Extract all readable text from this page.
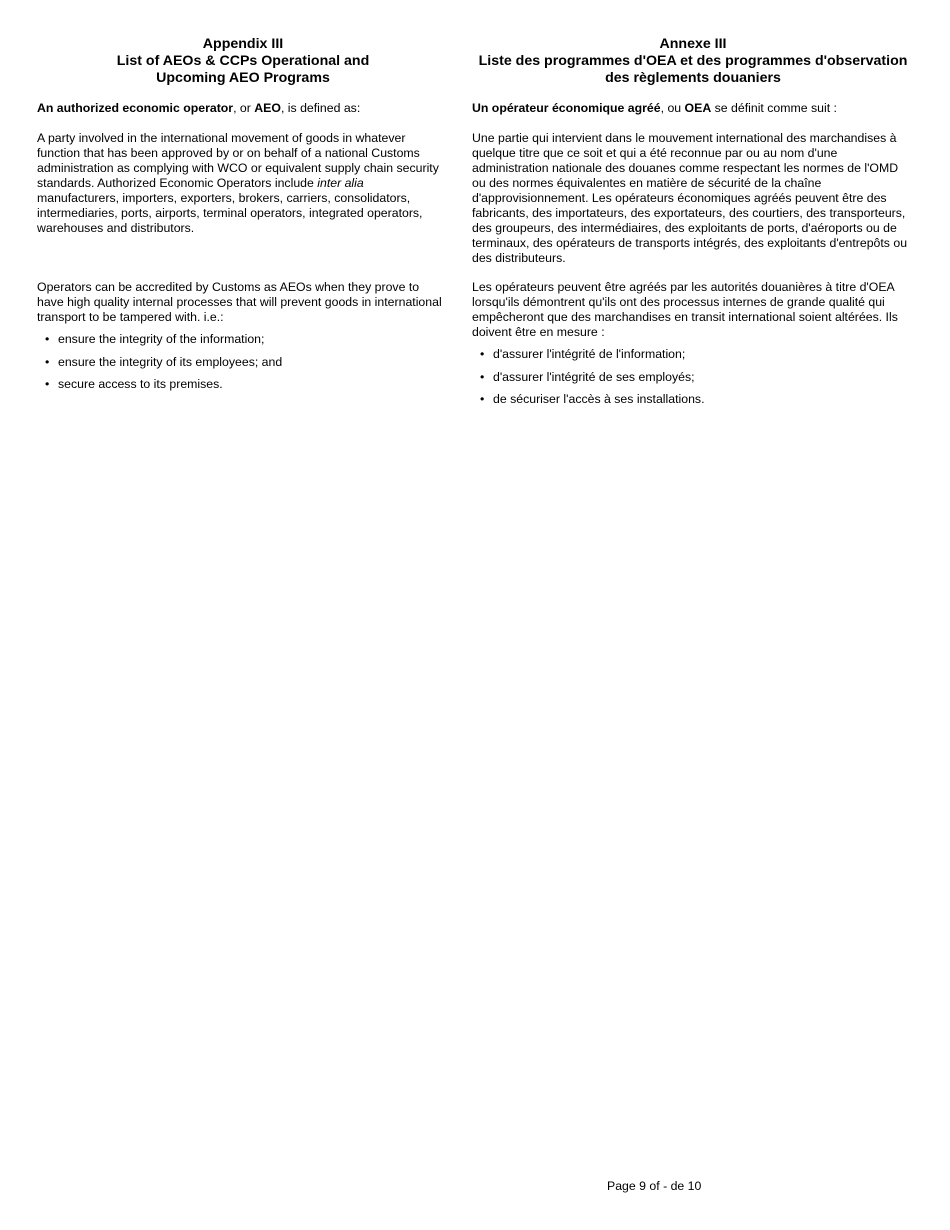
Appendix III
List of AEOs & CCPs Operational and
Upcoming AEO Programs

An authorized economic operator, or AEO, is defined as:

A party involved in the international movement of goods in whatever function that has been approved by or on behalf of a national Customs administration as complying with WCO or equivalent supply chain security standards. Authorized Economic Operators include inter alia manufacturers, importers, exporters, brokers, carriers, consolidators, intermediaries, ports, airports, terminal operators, integrated operators, warehouses and distributors.

Operators can be accredited by Customs as AEOs when they prove to have high quality internal processes that will prevent goods in international transport to be tampered with. i.e.:

• ensure the integrity of the information;
• ensure the integrity of its employees; and
• secure access to its premises.
Annexe III
Liste des programmes d'OEA et des programmes d'observation
des règlements douaniers

Un opérateur économique agréé, ou OEA se définit comme suit :

Une partie qui intervient dans le mouvement international des marchandises à quelque titre que ce soit et qui a été reconnue par ou au nom d'une administration nationale des douanes comme respectant les normes de l'OMD ou des normes équivalentes en matière de sécurité de la chaîne d'approvisionnement. Les opérateurs économiques agréés peuvent être des fabricants, des importateurs, des exportateurs, des courtiers, des transporteurs, des groupeurs, des intermédiaires, des exploitants de ports, d'aéroports ou de terminaux, des opérateurs de transports intégrés, des exploitants d'entrepôts ou des distributeurs.

Les opérateurs peuvent être agréés par les autorités douanières à titre d'OEA lorsqu'ils démontrent qu'ils ont des processus internes de grande qualité qui empêcheront que des marchandises en transit international soient altérées. Ils doivent être en mesure :

• d'assurer l'intégrité de l'information;
• d'assurer l'intégrité de ses employés;
• de sécuriser l'accès à ses installations.
Page 9 of - de 10
